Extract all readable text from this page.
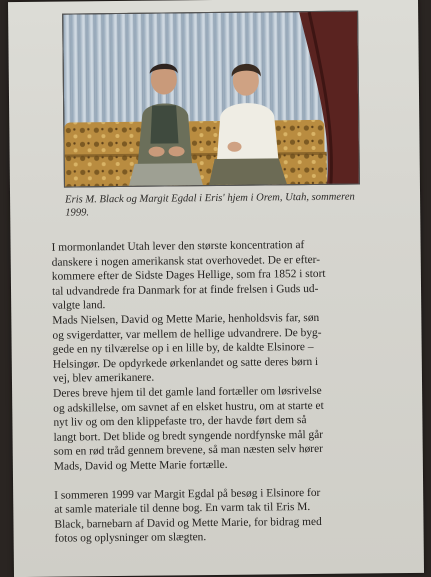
Eris M. Black og Margit Egdal i Eris' hjem i Orem, Utah, sommeren 1999.

I mormonlandet Utah lever den største koncentration af
danskere i nogen amerikansk stat overhovedet. De er efter-
kommere efter de Sidste Dages Hellige, som fra 1852 i stort
tal udvandrede fra Danmark for at finde frelsen i Guds ud-
valgte land.

Mads Nielsen, David og Mette Marie, henholdsvis far, søn
og svigerdatter, var mellem de hellige udvandrere. De byg-
gede en ny tilværelse op i en lille by, de kaldte Elsinore –
Helsingør. De opdyrkede ørkenlandet og satte deres børn i
vej, blev amerikanere.

Deres breve hjem til det gamle land fortæller om løsrivelse
og adskillelse, om savnet af en elsket hustru, om at starte et
nyt liv og om den klippefaste tro, der havde ført dem så
langt bort. Det blide og bredt syngende nordfynske mål går
som en rød tråd gennem brevene, så man næsten selv hører
Mads, David og Mette Marie fortælle.

I sommeren 1999 var Margit Egdal på besøg i Elsinore for
at samle materiale til denne bog. En varm tak til Eris M.
Black, barnebarn af David og Mette Marie, for bidrag med
fotos og oplysninger om slægten.
